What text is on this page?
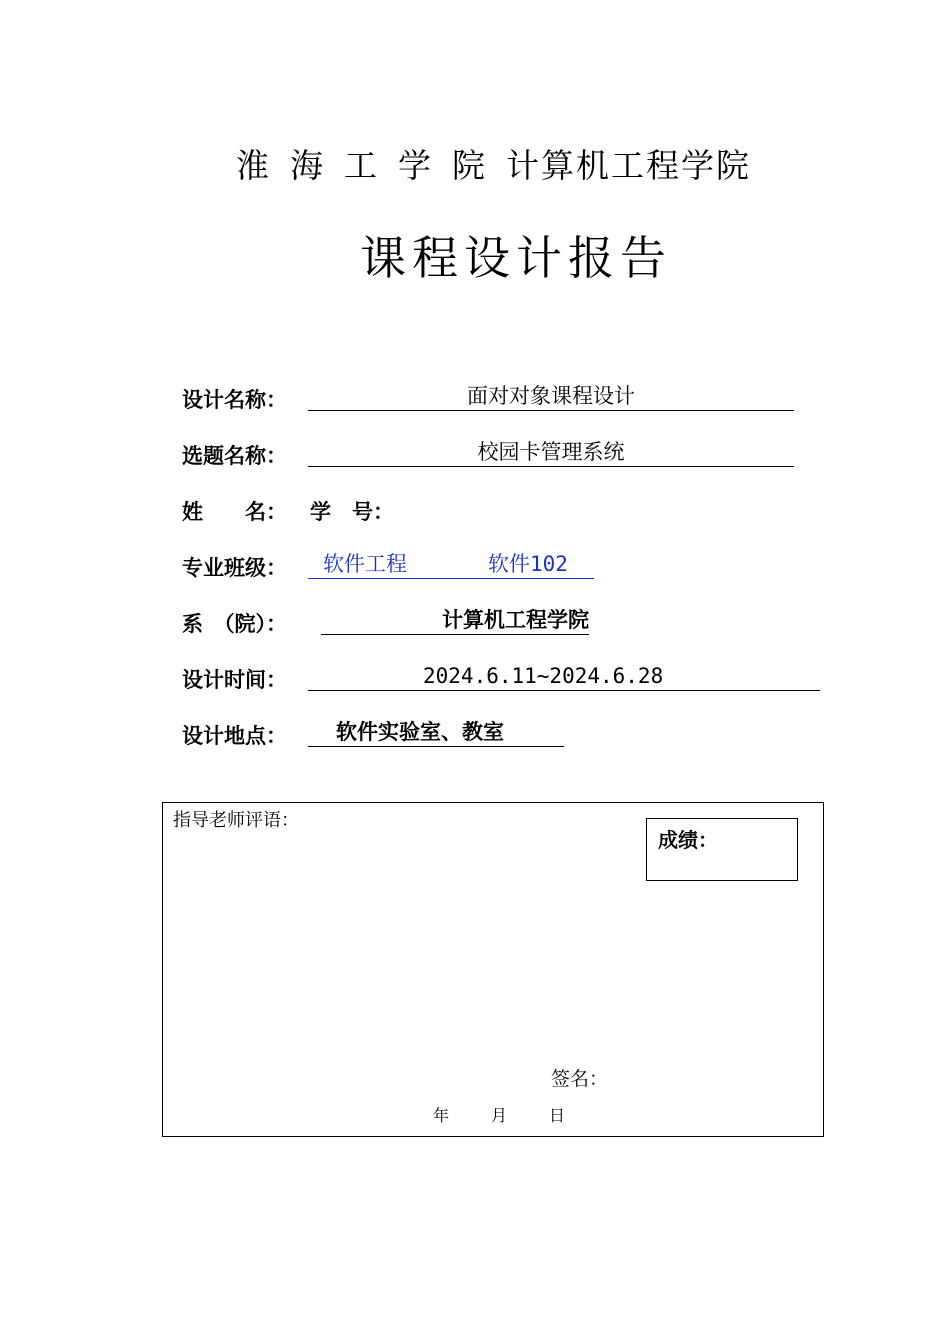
淮海工学院计算机工程学院
课程设计报告
设计名称：	面对对象课程设计
选题名称：	校园卡管理系统
姓　　名： 学　号：
专业班级： 软件工程	软件102
系　（院）：	计算机工程学院
设计时间：	2024.6.11~2024.6.28
设计地点： 软件实验室、教室
指导老师评语：
成绩：
签名：
年	月	日
